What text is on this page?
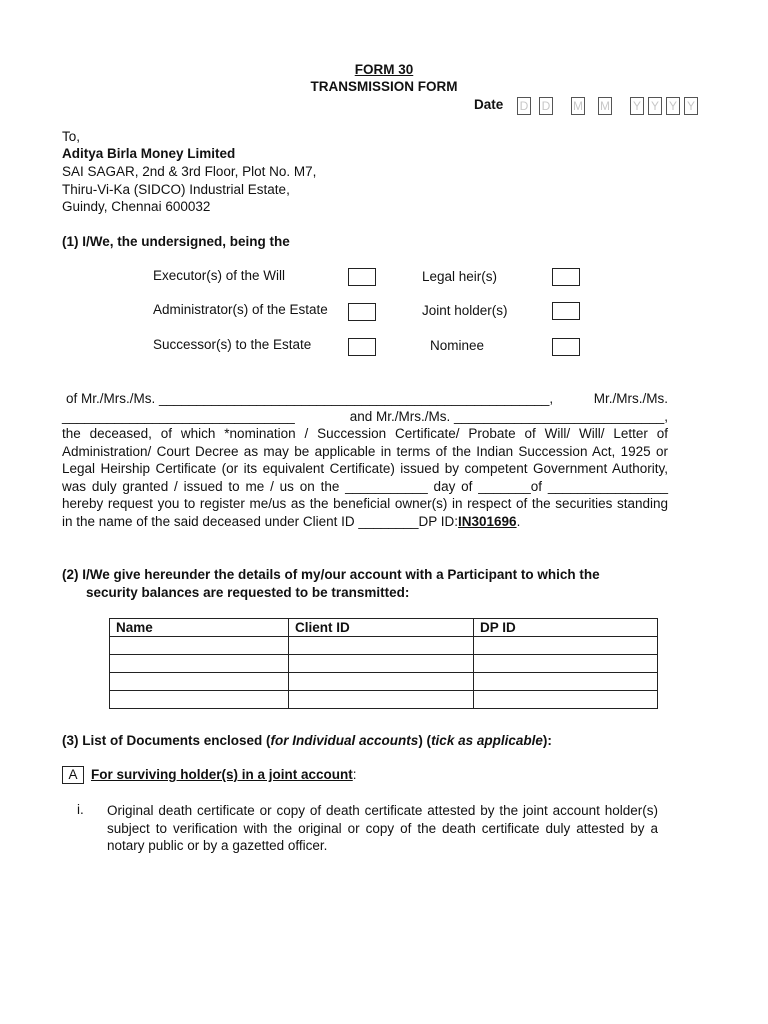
FORM 30
TRANSMISSION FORM
Date D D M M Y Y Y Y
To,
Aditya Birla Money Limited
SAI SAGAR, 2nd & 3rd Floor, Plot No. M7,
Thiru-Vi-Ka (SIDCO) Industrial Estate,
Guindy, Chennai 600032
(1) I/We, the undersigned, being the
Executor(s) of the Will	Legal heir(s)
Administrator(s) of the Estate	Joint holder(s)
Successor(s) to the Estate	Nominee
of Mr./Mrs./Ms. ____________________________________________________,	Mr./Mrs./Ms.
_______________________________	and Mr./Mrs./Ms. ____________________________,
the deceased, of which *nomination / Succession Certificate/ Probate of Will/ Will/ Letter of
Administration/ Court Decree as may be applicable in terms of the Indian Succession Act, 1925 or
Legal Heirship Certificate (or its equivalent Certificate) issued by competent Government Authority,
was duly granted / issued to me / us on the ___________ day of _______of ________________
hereby request you to register me/us as the beneficial owner(s) in respect of the securities standing
in the name of the said deceased under Client ID ________DP ID:IN301696.
(2) I/We give hereunder the details of my/our account with a Participant to which the
security balances are requested to be transmitted:
Name	Client ID	DP ID

(3) List of Documents enclosed (for Individual accounts) (tick as applicable):
A	For surviving holder(s) in a joint account:
i. Original death certificate or copy of death certificate attested by the joint account holder(s)
subject to verification with the original or copy of the death certificate duly attested by a
notary public or by a gazetted officer.
